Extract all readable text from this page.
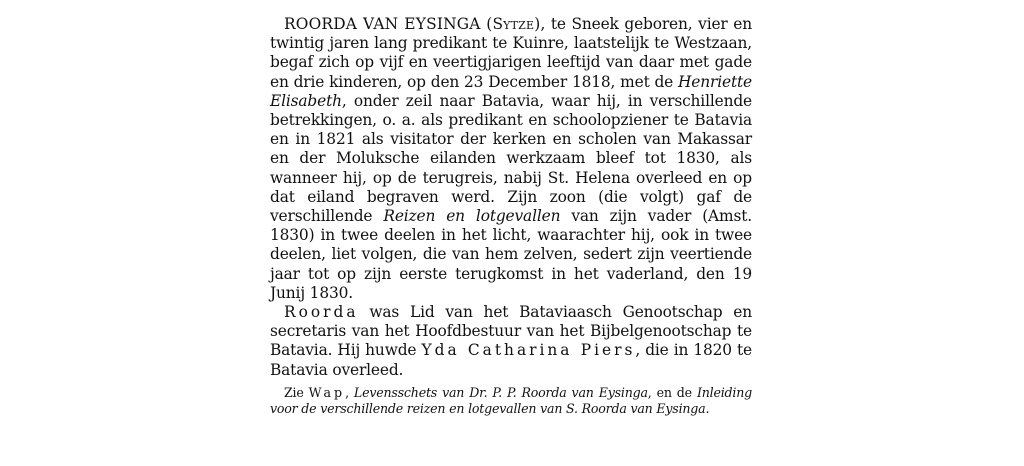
ROORDA VAN EYSINGA (Sytze), te Sneek geboren, vier en twintig jaren lang predikant te Kuinre, laatstelijk te Westzaan, begaf zich op vijf en veertigjarigen leeftijd van daar met gade en drie kinderen, op den 23 December 1818, met de Henriette Elisabeth, onder zeil naar Batavia, waar hij, in verschillende betrekkingen, o. a. als predikant en schoolopziener te Batavia en in 1821 als visitator der kerken en scholen van Makassar en der Moluksche eilanden werkzaam bleef tot 1830, als wanneer hij, op de terugreis, nabij St. Helena overleed en op dat eiland begraven werd. Zijn zoon (die volgt) gaf de verschillende Reizen en lotgevallen van zijn vader (Amst. 1830) in twee deelen in het licht, waarachter hij, ook in twee deelen, liet volgen, die van hem zelven, sedert zijn veertiende jaar tot op zijn eerste terugkomst in het vaderland, den 19 Junij 1830.

Roorda was Lid van het Bataviaasch Genootschap en secretaris van het Hoofdbestuur van het Bijbelgenootschap te Batavia. Hij huwde Yda Catharina Piers, die in 1820 te Batavia overleed.

Zie Wap, Levensschets van Dr. P. P. Roorda van Eysinga, en de Inleiding voor de verschillende reizen en lotgevallen van S. Roorda van Eysinga.
